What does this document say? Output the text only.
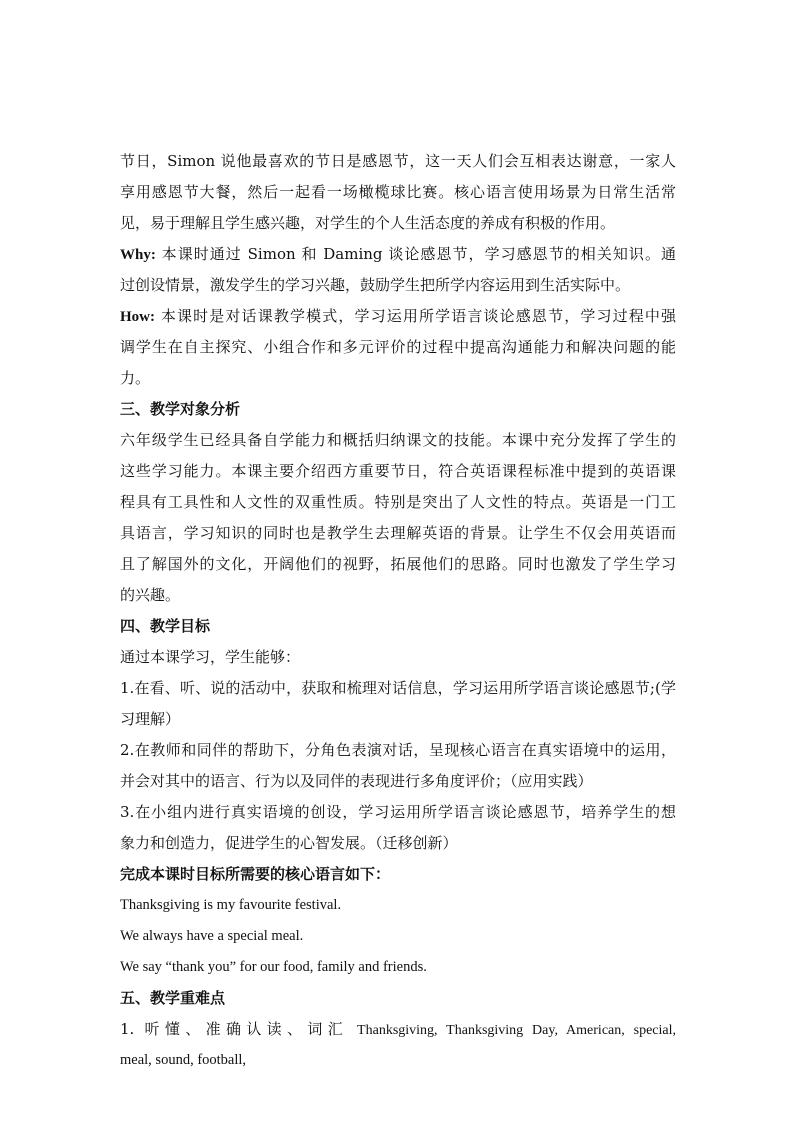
节日，Simon 说他最喜欢的节日是感恩节，这一天人们会互相表达谢意，一家人
享用感恩节大餐，然后一起看一场橄榄球比赛。核心语言使用场景为日常生活常
见，易于理解且学生感兴趣，对学生的个人生活态度的养成有积极的作用。
Why: 本课时通过 Simon 和 Daming 谈论感恩节，学习感恩节的相关知识。通
过创设情景，激发学生的学习兴趣，鼓励学生把所学内容运用到生活实际中。
How: 本课时是对话课教学模式，学习运用所学语言谈论感恩节，学习过程中强
调学生在自主探究、小组合作和多元评价的过程中提高沟通能力和解决问题的能
力。
三、教学对象分析
六年级学生已经具备自学能力和概括归纳课文的技能。本课中充分发挥了学生的
这些学习能力。本课主要介绍西方重要节日，符合英语课程标准中提到的英语课
程具有工具性和人文性的双重性质。特别是突出了人文性的特点。英语是一门工
具语言，学习知识的同时也是教学生去理解英语的背景。让学生不仅会用英语而
且了解国外的文化，开阔他们的视野，拓展他们的思路。同时也激发了学生学习
的兴趣。
四、教学目标
通过本课学习，学生能够：
1.在看、听、说的活动中，获取和梳理对话信息，学习运用所学语言谈论感恩节;(学
习理解）
2.在教师和同伴的帮助下，分角色表演对话，呈现核心语言在真实语境中的运用，
并会对其中的语言、行为以及同伴的表现进行多角度评价；（应用实践）
3.在小组内进行真实语境的创设，学习运用所学语言谈论感恩节，培养学生的想
象力和创造力，促进学生的心智发展。（迁移创新）
完成本课时目标所需要的核心语言如下：
Thanksgiving is my favourite festival.
We always have a special meal.
We say “thank you” for our food, family and friends.
五、教学重难点
1. 听懂、准确认读、词汇 Thanksgiving, Thanksgiving Day, American, special,
meal, sound, football,
